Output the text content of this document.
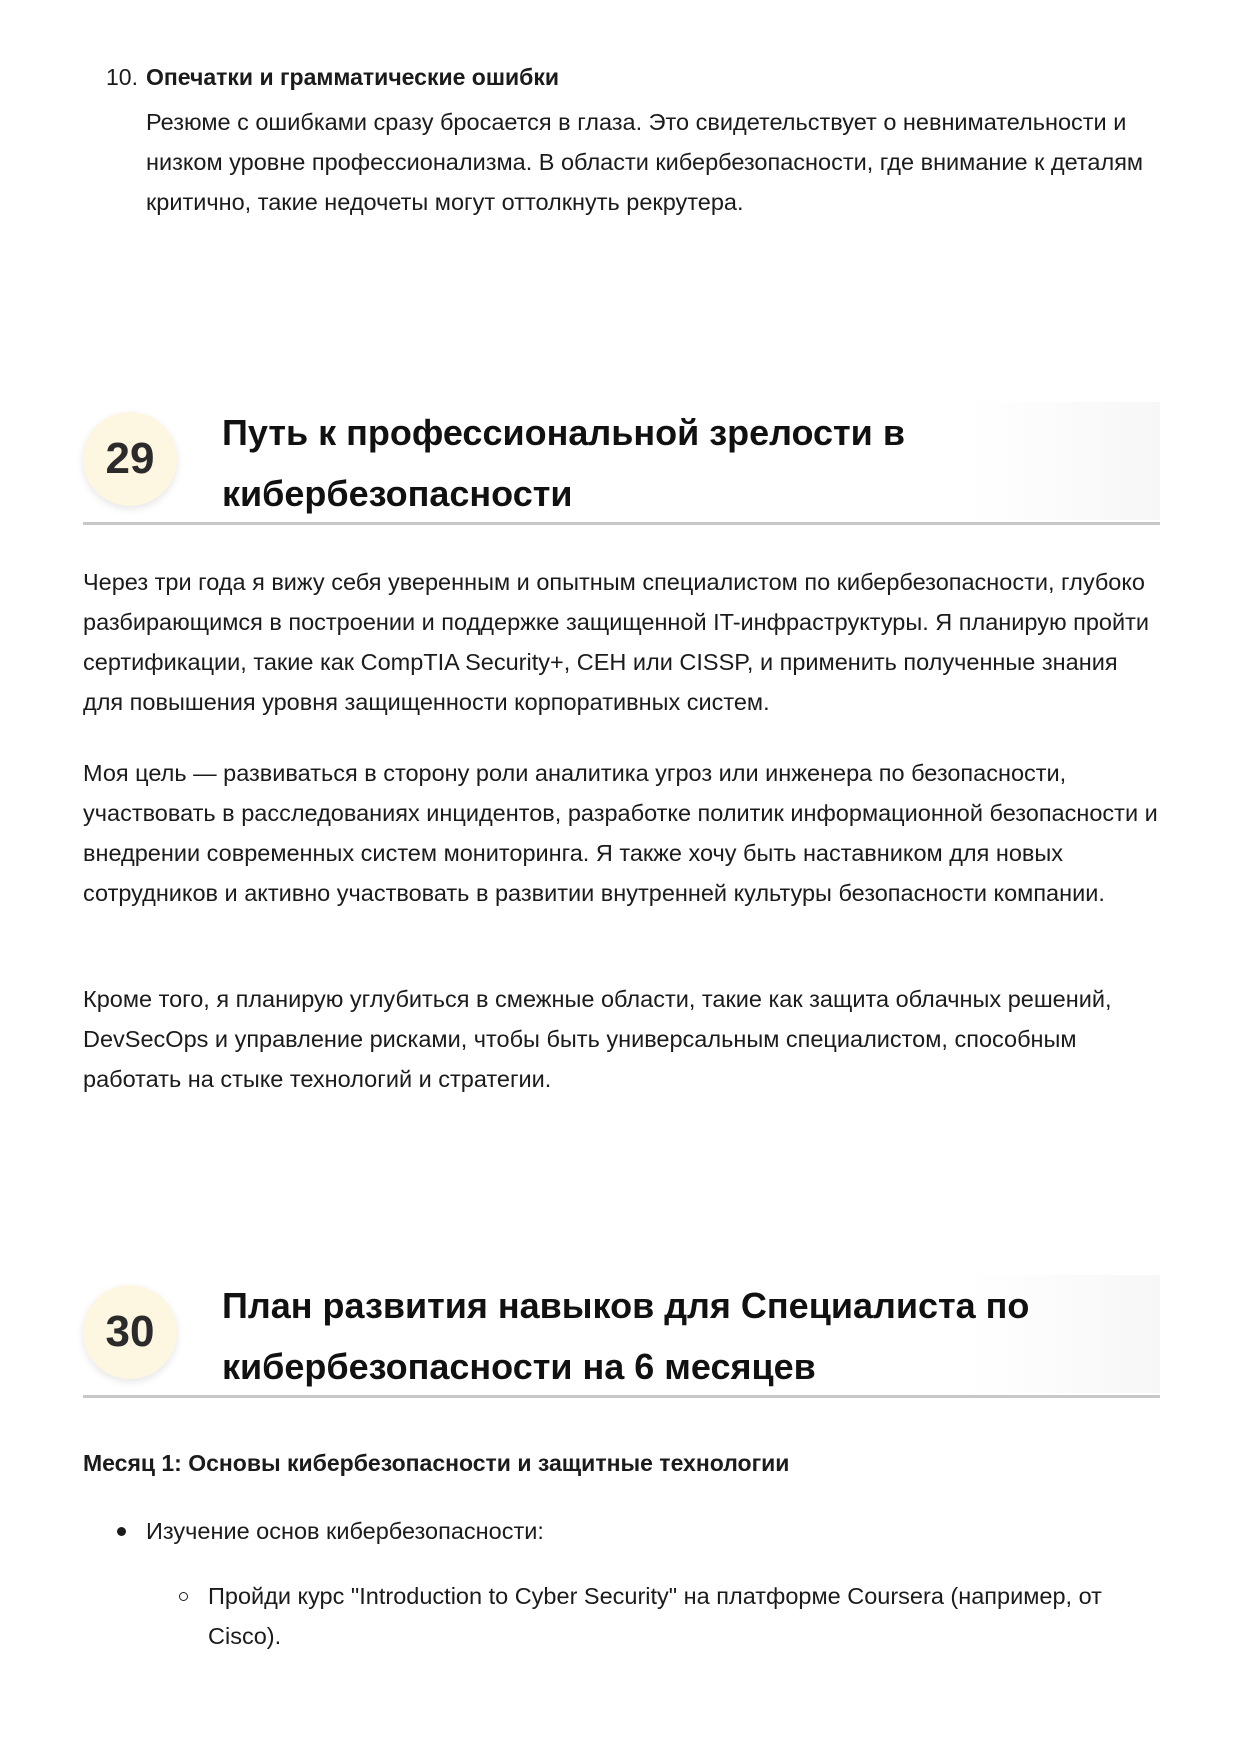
10. Опечатки и грамматические ошибки

Резюме с ошибками сразу бросается в глаза. Это свидетельствует о невнимательности и низком уровне профессионализма. В области кибербезопасности, где внимание к деталям критично, такие недочеты могут оттолкнуть рекрутера.

29
Путь к профессиональной зрелости в кибербезопасности

Через три года я вижу себя уверенным и опытным специалистом по кибербезопасности, глубоко разбирающимся в построении и поддержке защищенной IT-инфраструктуры. Я планирую пройти сертификации, такие как CompTIA Security+, CEH или CISSP, и применить полученные знания для повышения уровня защищенности корпоративных систем.

Моя цель — развиваться в сторону роли аналитика угроз или инженера по безопасности, участвовать в расследованиях инцидентов, разработке политик информационной безопасности и внедрении современных систем мониторинга. Я также хочу быть наставником для новых сотрудников и активно участвовать в развитии внутренней культуры безопасности компании.

Кроме того, я планирую углубиться в смежные области, такие как защита облачных решений, DevSecOps и управление рисками, чтобы быть универсальным специалистом, способным работать на стыке технологий и стратегии.

30
План развития навыков для Специалиста по кибербезопасности на 6 месяцев

Месяц 1: Основы кибербезопасности и защитные технологии

Изучение основ кибербезопасности:
Пройди курс "Introduction to Cyber Security" на платформе Coursera (например, от Cisco).
